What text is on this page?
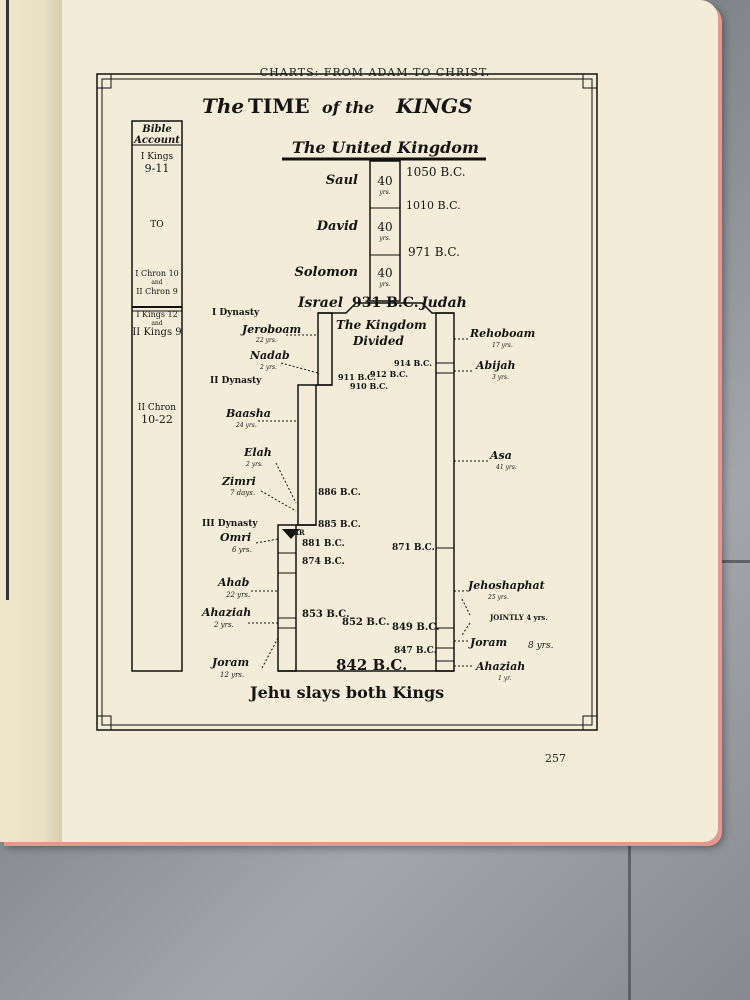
CHARTS: FROM ADAM TO CHRIST.
257
The TIME of the KINGS
The United Kingdom
Bible
Account
I Kings
9-11
TO
I Chron 10
and
II Chron 9
I Kings 12
and
II Kings 9
II Chron
10-22
Saul 40
yrs.
1050 B.C.
David 40
yrs.
1010 B.C.
Solomon 40
yrs.
971 B.C.
Israel 931 B.C. Judah
The Kingdom
Divided
WAR
I Dynasty
Jeroboam
22 yrs.
Nadab
2 yrs.
II Dynasty
Baasha
24 yrs.
Elah
2 yrs.
Zimri
7 days.
III Dynasty
Omri
6 yrs.
Ahab
22 yrs.
Ahaziah
2 yrs.
Joram
12 yrs.
Rehoboam
17 yrs.
Abijah
3 yrs.
Asa
41 yrs.
Jehoshaphat
25 yrs.
JOINTLY 4 yrs.
Joram 8 yrs.
Ahaziah
1 yr.
914 B.C.
912 B.C.
911 B.C.
910 B.C.
886 B.C.
885 B.C.
881 B.C.
874 B.C.
871 B.C.
853 B.C.
852 B.C. 849 B.C.
847 B.C.
842 B.C.
Jehu slays both Kings
